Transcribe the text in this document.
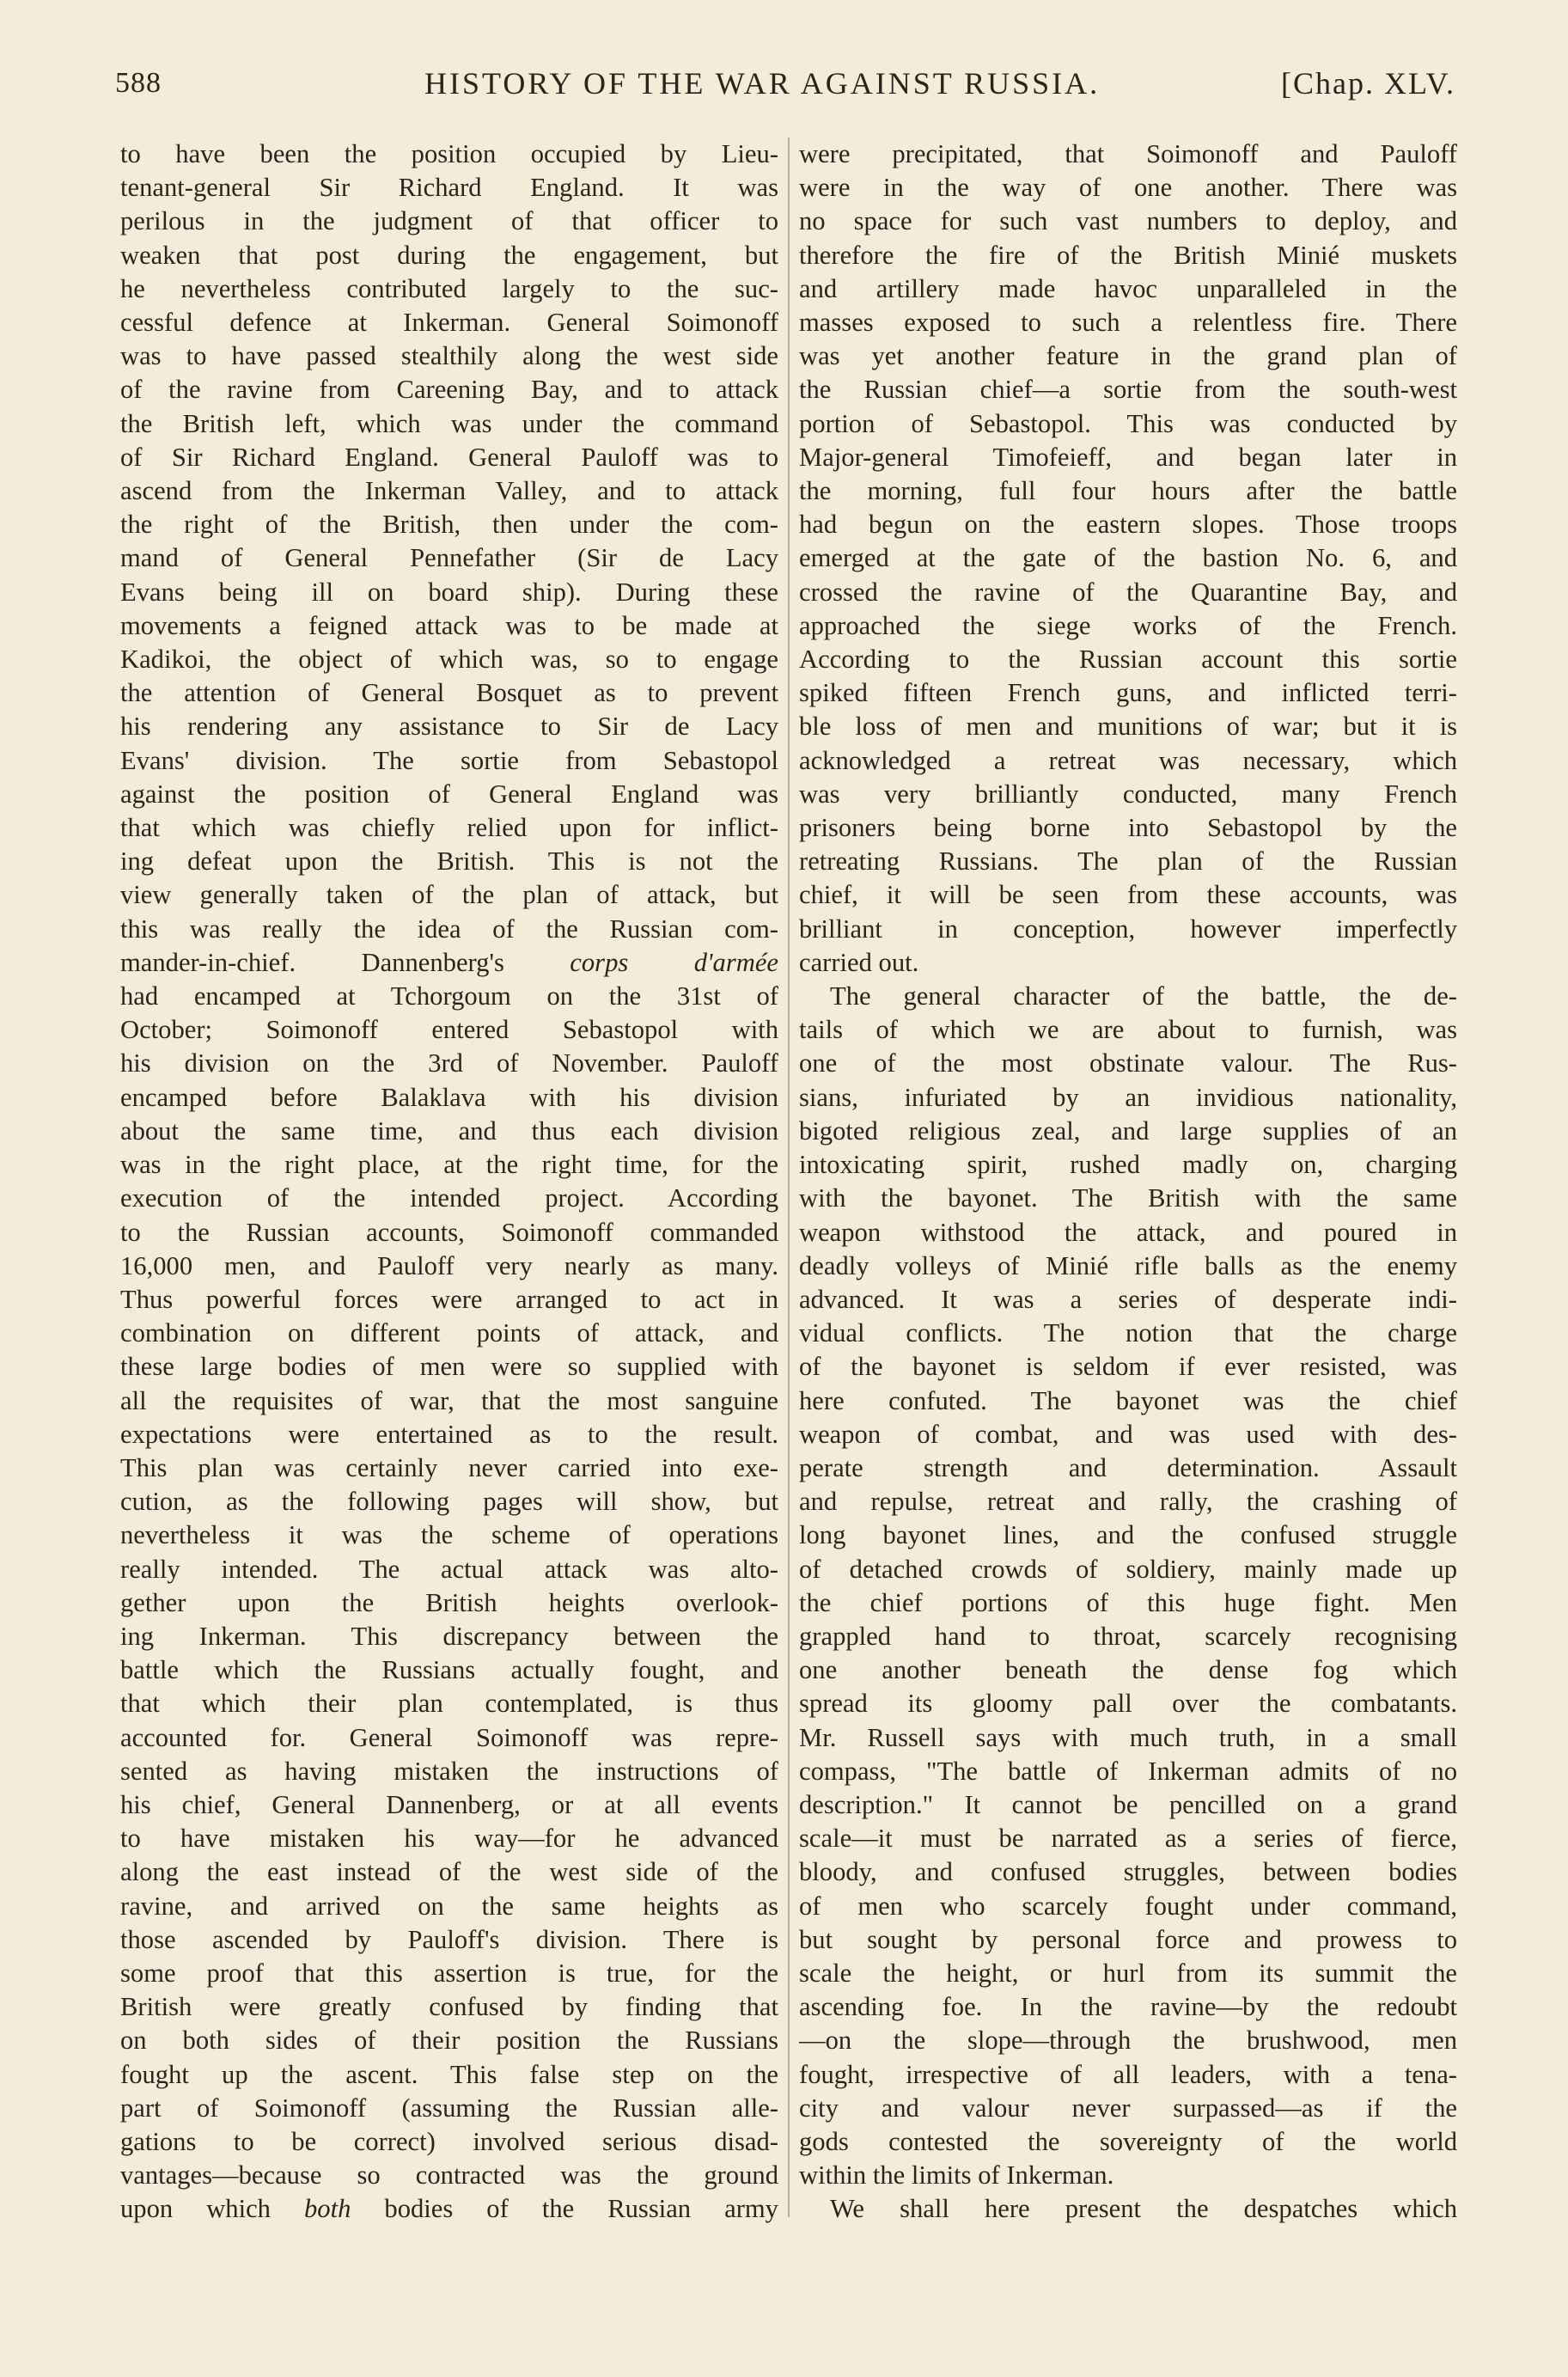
588	HISTORY OF THE WAR AGAINST RUSSIA.	[Chap. XLV.
to have been the position occupied by Lieu-
tenant-general Sir Richard England. It was
perilous in the judgment of that officer to
weaken that post during the engagement, but
he nevertheless contributed largely to the suc-
cessful defence at Inkerman. General Soimonoff
was to have passed stealthily along the west side
of the ravine from Careening Bay, and to attack
the British left, which was under the command
of Sir Richard England. General Pauloff was to
ascend from the Inkerman Valley, and to attack
the right of the British, then under the com-
mand of General Pennefather (Sir de Lacy
Evans being ill on board ship). During these
movements a feigned attack was to be made at
Kadikoi, the object of which was, so to engage
the attention of General Bosquet as to prevent
his rendering any assistance to Sir de Lacy
Evans' division. The sortie from Sebastopol
against the position of General England was
that which was chiefly relied upon for inflict-
ing defeat upon the British. This is not the
view generally taken of the plan of attack, but
this was really the idea of the Russian com-
mander-in-chief. Dannenberg's corps d'armée
had encamped at Tchorgoum on the 31st of
October; Soimonoff entered Sebastopol with
his division on the 3rd of November. Pauloff
encamped before Balaklava with his division
about the same time, and thus each division
was in the right place, at the right time, for the
execution of the intended project. According
to the Russian accounts, Soimonoff commanded
16,000 men, and Pauloff very nearly as many.
Thus powerful forces were arranged to act in
combination on different points of attack, and
these large bodies of men were so supplied with
all the requisites of war, that the most sanguine
expectations were entertained as to the result.
This plan was certainly never carried into exe-
cution, as the following pages will show, but
nevertheless it was the scheme of operations
really intended. The actual attack was alto-
gether upon the British heights overlook-
ing Inkerman. This discrepancy between the
battle which the Russians actually fought, and
that which their plan contemplated, is thus
accounted for. General Soimonoff was repre-
sented as having mistaken the instructions of
his chief, General Dannenberg, or at all events
to have mistaken his way—for he advanced
along the east instead of the west side of the
ravine, and arrived on the same heights as
those ascended by Pauloff's division. There is
some proof that this assertion is true, for the
British were greatly confused by finding that
on both sides of their position the Russians
fought up the ascent. This false step on the
part of Soimonoff (assuming the Russian alle-
gations to be correct) involved serious disad-
vantages—because so contracted was the ground
upon which both bodies of the Russian army
were precipitated, that Soimonoff and Pauloff
were in the way of one another. There was
no space for such vast numbers to deploy, and
therefore the fire of the British Minié muskets
and artillery made havoc unparalleled in the
masses exposed to such a relentless fire. There
was yet another feature in the grand plan of
the Russian chief—a sortie from the south-west
portion of Sebastopol. This was conducted by
Major-general Timofeieff, and began later in
the morning, full four hours after the battle
had begun on the eastern slopes. Those troops
emerged at the gate of the bastion No. 6, and
crossed the ravine of the Quarantine Bay, and
approached the siege works of the French.
According to the Russian account this sortie
spiked fifteen French guns, and inflicted terri-
ble loss of men and munitions of war; but it is
acknowledged a retreat was necessary, which
was very brilliantly conducted, many French
prisoners being borne into Sebastopol by the
retreating Russians. The plan of the Russian
chief, it will be seen from these accounts, was
brilliant in conception, however imperfectly
carried out.
The general character of the battle, the de-
tails of which we are about to furnish, was
one of the most obstinate valour. The Rus-
sians, infuriated by an invidious nationality,
bigoted religious zeal, and large supplies of an
intoxicating spirit, rushed madly on, charging
with the bayonet. The British with the same
weapon withstood the attack, and poured in
deadly volleys of Minié rifle balls as the enemy
advanced. It was a series of desperate indi-
vidual conflicts. The notion that the charge
of the bayonet is seldom if ever resisted, was
here confuted. The bayonet was the chief
weapon of combat, and was used with des-
perate strength and determination. Assault
and repulse, retreat and rally, the crashing of
long bayonet lines, and the confused struggle
of detached crowds of soldiery, mainly made up
the chief portions of this huge fight. Men
grappled hand to throat, scarcely recognising
one another beneath the dense fog which
spread its gloomy pall over the combatants.
Mr. Russell says with much truth, in a small
compass, "The battle of Inkerman admits of no
description." It cannot be pencilled on a grand
scale—it must be narrated as a series of fierce,
bloody, and confused struggles, between bodies
of men who scarcely fought under command,
but sought by personal force and prowess to
scale the height, or hurl from its summit the
ascending foe. In the ravine—by the redoubt
—on the slope—through the brushwood, men
fought, irrespective of all leaders, with a tena-
city and valour never surpassed—as if the
gods contested the sovereignty of the world
within the limits of Inkerman.
We shall here present the despatches which
